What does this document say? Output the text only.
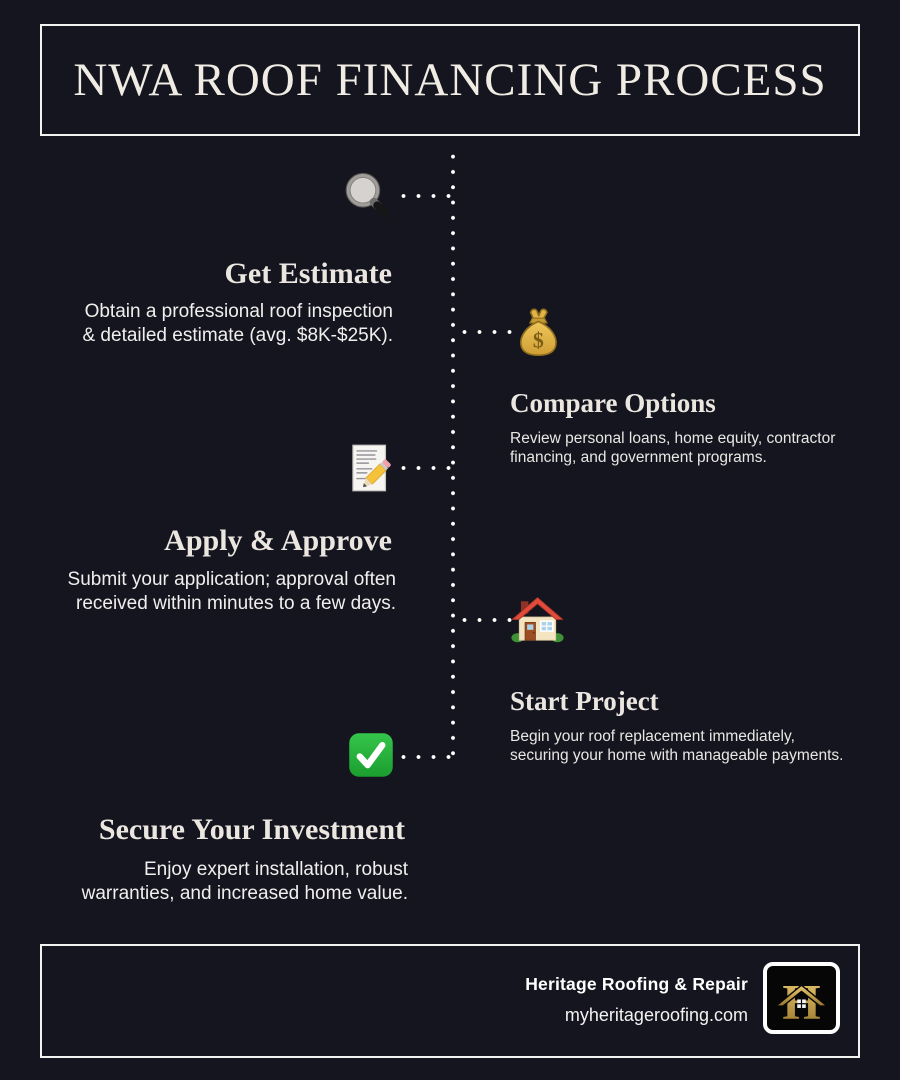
NWA ROOF FINANCING PROCESS
Get Estimate
Obtain a professional roof inspection
& detailed estimate (avg. $8K-$25K).	$
Compare Options
Review personal loans, home equity, contractor
financing, and government programs.
Apply & Approve
Submit your application; approval often
received within minutes to a few days.
Start Project
Begin your roof replacement immediately,
securing your home with manageable payments.
Secure Your Investment
Enjoy expert installation, robust
warranties, and increased home value.
Heritage Roofing & Repair
myheritageroofing.com
